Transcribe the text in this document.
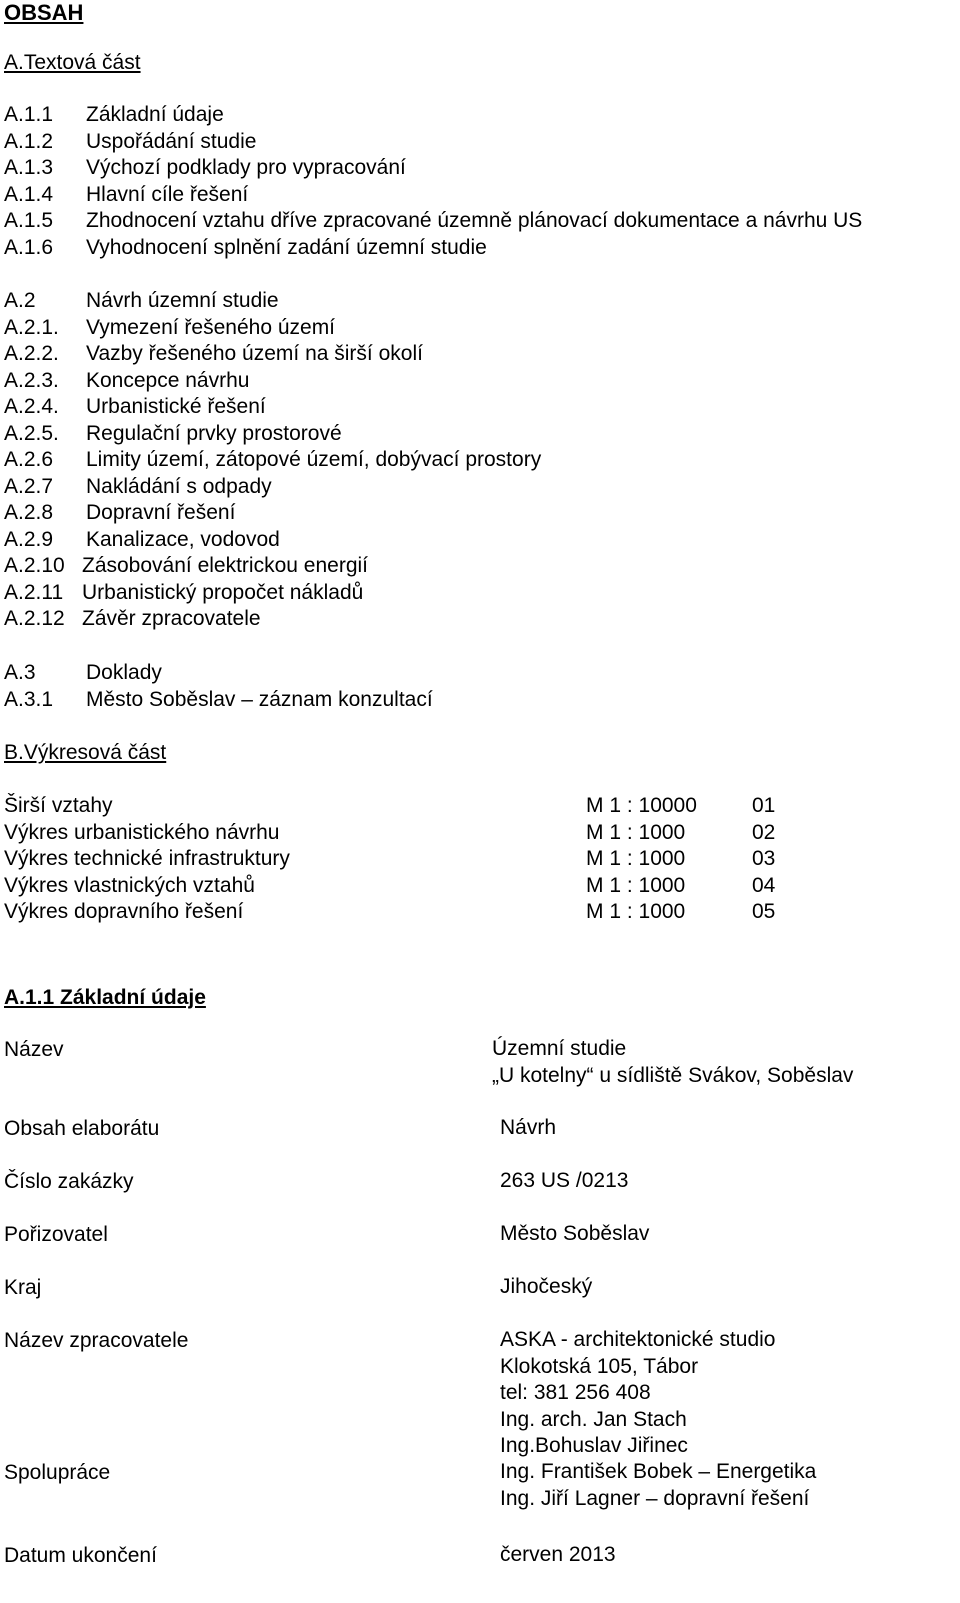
OBSAH
A.Textová část
A.1.1 Základní údaje
A.1.2 Uspořádání studie
A.1.3 Výchozí podklady pro vypracování
A.1.4 Hlavní cíle řešení
A.1.5 Zhodnocení vztahu dříve zpracované územně plánovací dokumentace a návrhu US
A.1.6 Vyhodnocení splnění zadání územní studie
A.2 Návrh územní studie
A.2.1. Vymezení řešeného území
A.2.2. Vazby řešeného území na širší okolí
A.2.3. Koncepce návrhu
A.2.4. Urbanistické řešení
A.2.5. Regulační prvky prostorové
A.2.6 Limity území, zátopové území, dobývací prostory
A.2.7 Nakládání s odpady
A.2.8 Dopravní řešení
A.2.9 Kanalizace, vodovod
A.2.10 Zásobování elektrickou energií
A.2.11 Urbanistický propočet nákladů
A.2.12 Závěr zpracovatele
A.3 Doklady
A.3.1 Město Soběslav – záznam konzultací
B.Výkresová část
Širší vztahy	M 1 : 10000	01
Výkres urbanistického návrhu	M 1 : 1000	02
Výkres technické infrastruktury	M 1 : 1000	03
Výkres vlastnických vztahů	M 1 : 1000	04
Výkres dopravního řešení	M 1 : 1000	05
A.1.1 Základní údaje
Název	Územní studie
„U kotelny“ u sídliště Svákov, Soběslav
Obsah elaborátu	Návrh
Číslo zakázky	263 US /0213
Pořizovatel	Město Soběslav
Kraj	Jihočeský
Název zpracovatele	ASKA - architektonické studio
Klokotská 105, Tábor
tel: 381 256 408
Ing. arch. Jan Stach
Ing.Bohuslav Jiřinec
Spolupráce	Ing. František Bobek – Energetika
Ing. Jiří Lagner – dopravní řešení
Datum ukončení	červen 2013
